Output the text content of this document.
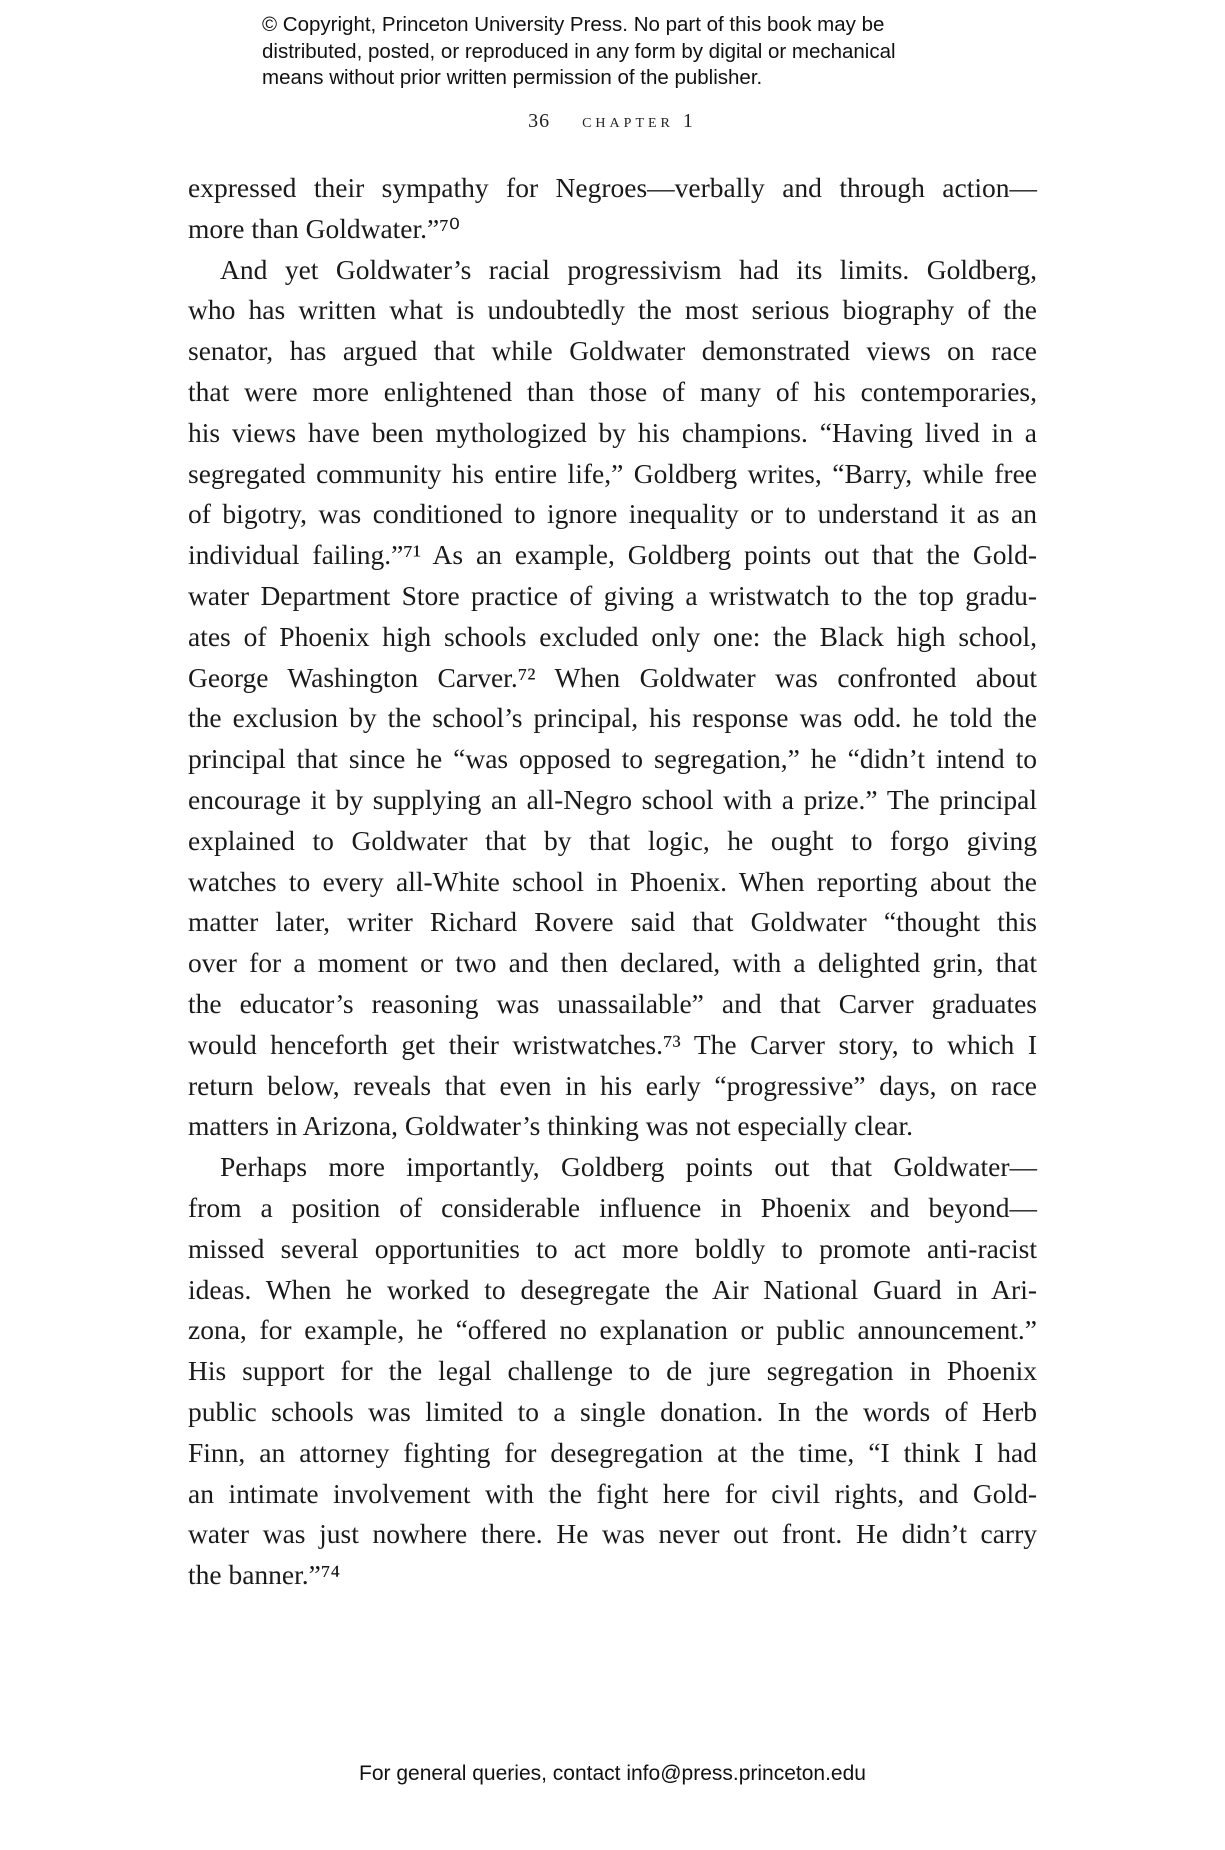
© Copyright, Princeton University Press. No part of this book may be
distributed, posted, or reproduced in any form by digital or mechanical
means without prior written permission of the publisher.
36 chapter 1
expressed their sympathy for Negroes—verbally and through action—
more than Goldwater.”⁷⁰
And yet Goldwater’s racial progressivism had its limits. Goldberg,
who has written what is undoubtedly the most serious biography of the
senator, has argued that while Goldwater demonstrated views on race
that were more enlightened than those of many of his contemporaries,
his views have been mythologized by his champions. “Having lived in a
segregated community his entire life,” Goldberg writes, “Barry, while free
of bigotry, was conditioned to ignore inequality or to understand it as an
individual failing.”⁷¹ As an example, Goldberg points out that the Gold-
water Department Store practice of giving a wristwatch to the top gradu-
ates of Phoenix high schools excluded only one: the Black high school,
George Washington Carver.⁷² When Goldwater was confronted about
the exclusion by the school’s principal, his response was odd. he told the
principal that since he “was opposed to segregation,” he “didn’t intend to
encourage it by supplying an all-Negro school with a prize.” The principal
explained to Goldwater that by that logic, he ought to forgo giving
watches to every all-White school in Phoenix. When reporting about the
matter later, writer Richard Rovere said that Goldwater “thought this
over for a moment or two and then declared, with a delighted grin, that
the educator’s reasoning was unassailable” and that Carver graduates
would henceforth get their wristwatches.⁷³ The Carver story, to which I
return below, reveals that even in his early “progressive” days, on race
matters in Arizona, Goldwater’s thinking was not especially clear.
Perhaps more importantly, Goldberg points out that Goldwater—
from a position of considerable influence in Phoenix and beyond—
missed several opportunities to act more boldly to promote anti-racist
ideas. When he worked to desegregate the Air National Guard in Ari-
zona, for example, he “offered no explanation or public announcement.”
His support for the legal challenge to de jure segregation in Phoenix
public schools was limited to a single donation. In the words of Herb
Finn, an attorney fighting for desegregation at the time, “I think I had
an intimate involvement with the fight here for civil rights, and Gold-
water was just nowhere there. He was never out front. He didn’t carry
the banner.”⁷⁴
For general queries, contact info@press.princeton.edu
